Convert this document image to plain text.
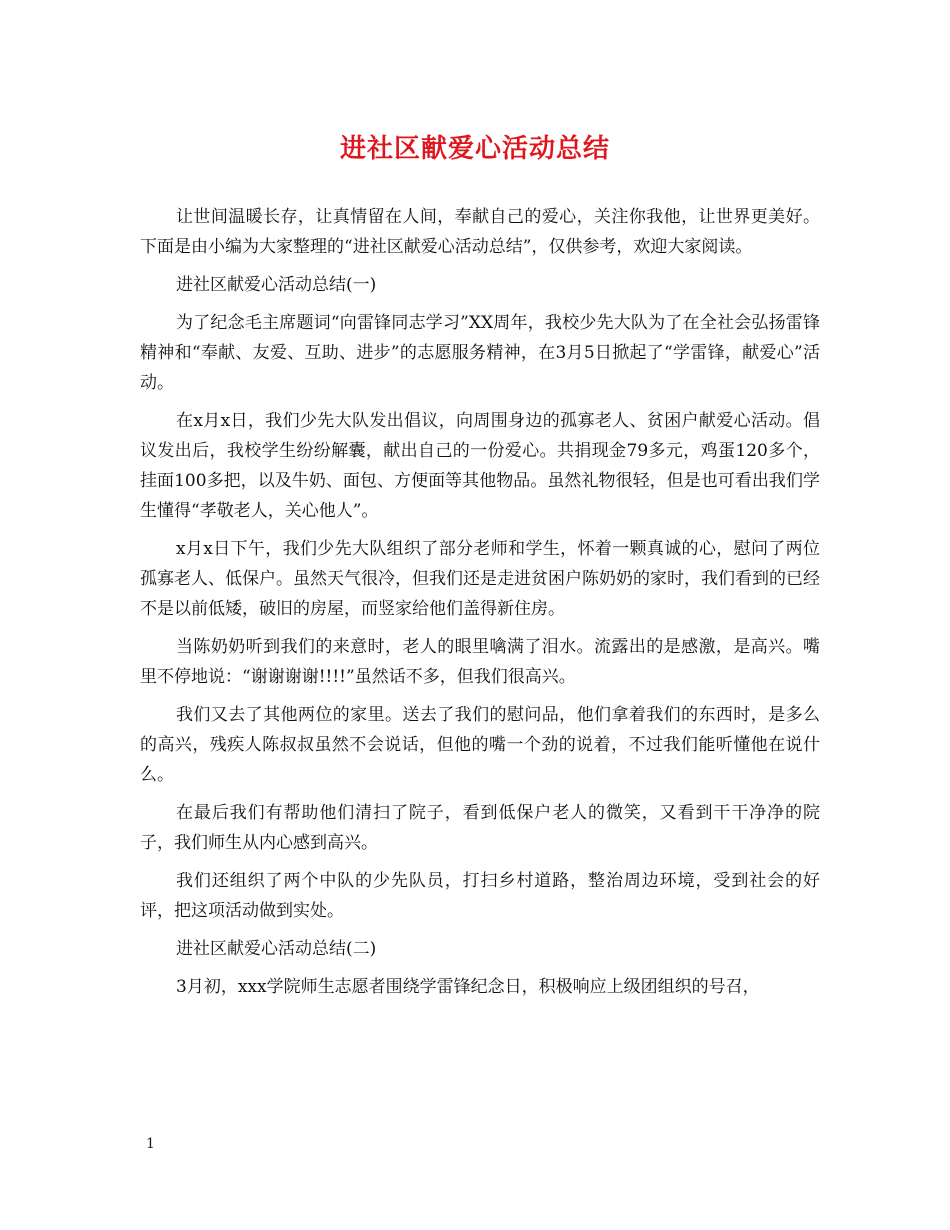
进社区献爱心活动总结

让世间温暖长存，让真情留在人间，奉献自己的爱心，关注你我他，让世界更美好。下面是由小编为大家整理的“进社区献爱心活动总结”，仅供参考，欢迎大家阅读。

进社区献爱心活动总结(一)

为了纪念毛主席题词“向雷锋同志学习”XX周年，我校少先大队为了在全社会弘扬雷锋精神和“奉献、友爱、互助、进步”的志愿服务精神，在3月5日掀起了“学雷锋，献爱心”活动。

在x月x日，我们少先大队发出倡议，向周围身边的孤寡老人、贫困户献爱心活动。倡议发出后，我校学生纷纷解囊，献出自己的一份爱心。共捐现金79多元，鸡蛋120多个，挂面100多把，以及牛奶、面包、方便面等其他物品。虽然礼物很轻，但是也可看出我们学生懂得“孝敬老人，关心他人”。

x月x日下午，我们少先大队组织了部分老师和学生，怀着一颗真诚的心，慰问了两位孤寡老人、低保户。虽然天气很冷，但我们还是走进贫困户陈奶奶的家时，我们看到的已经不是以前低矮，破旧的房屋，而竖家给他们盖得新住房。

当陈奶奶听到我们的来意时，老人的眼里噙满了泪水。流露出的是感激，是高兴。嘴里不停地说：“谢谢谢谢!!!!”虽然话不多，但我们很高兴。

我们又去了其他两位的家里。送去了我们的慰问品，他们拿着我们的东西时，是多么的高兴，残疾人陈叔叔虽然不会说话，但他的嘴一个劲的说着，不过我们能听懂他在说什么。

在最后我们有帮助他们清扫了院子，看到低保户老人的微笑，又看到干干净净的院子，我们师生从内心感到高兴。

我们还组织了两个中队的少先队员，打扫乡村道路，整治周边环境，受到社会的好评，把这项活动做到实处。

进社区献爱心活动总结(二)

3月初，xxx学院师生志愿者围绕学雷锋纪念日，积极响应上级团组织的号召，

1
